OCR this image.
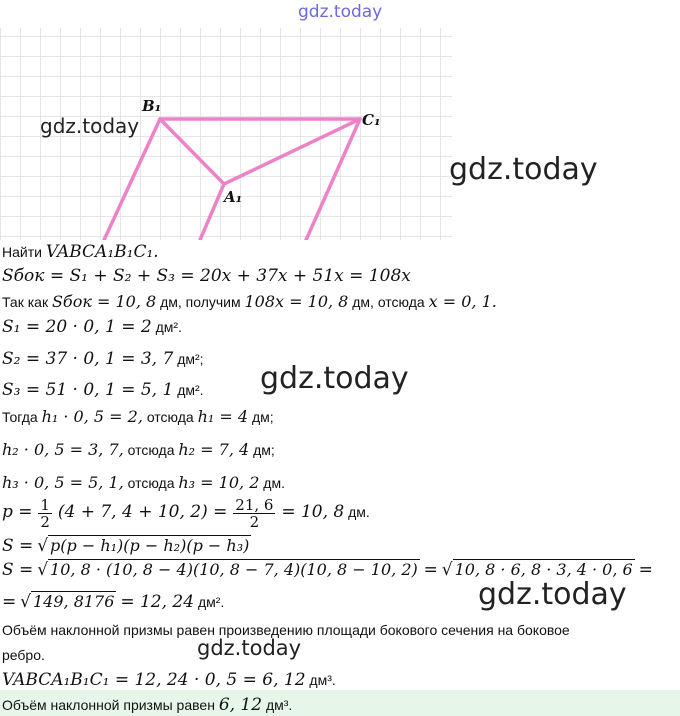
gdz.today
B₁
C₁
A₁
gdz.today
gdz.today
Найти VABCA₁B₁C₁.
Sбок = S₁ + S₂ + S₃ = 20x + 37x + 51x = 108x
Так как Sбок = 10, 8 дм, получим 108x = 10, 8 дм, отсюда x = 0, 1.
S₁ = 20 · 0, 1 = 2 дм².
S₂ = 37 · 0, 1 = 3, 7 дм²;
S₃ = 51 · 0, 1 = 5, 1 дм². gdz.today
Тогда h₁ · 0, 5 = 2, отсюда h₁ = 4 дм;
h₂ · 0, 5 = 3, 7, отсюда h₂ = 7, 4 дм;
h₃ · 0, 5 = 5, 1, отсюда h₃ = 10, 2 дм.
$p = \frac{1}{2} (4 + 7$, 4 + 10, $2) = \frac{21, 6}{2} = 10$, 8 дм.
S = √ p(p − h₁)(p − h₂)(p − h₃)
S = √ 10, 8 · (10, 8 − 4)(10, 8 − 7, 4)(10, 8 − 10, 2) = √ 10, 8 · 6, 8 · 3, 4 · 0, 6 =
= √ 149, 8176 = 12, 24 дм².	gdz.today
Объём наклонной призмы равен произведению площади бокового сечения на боковое
ребро.	gdz.today
VABCA₁B₁C₁ = 12, 24 · 0, 5 = 6, 12 дм³.
Объём наклонной призмы равен 6, 12 дм³.
